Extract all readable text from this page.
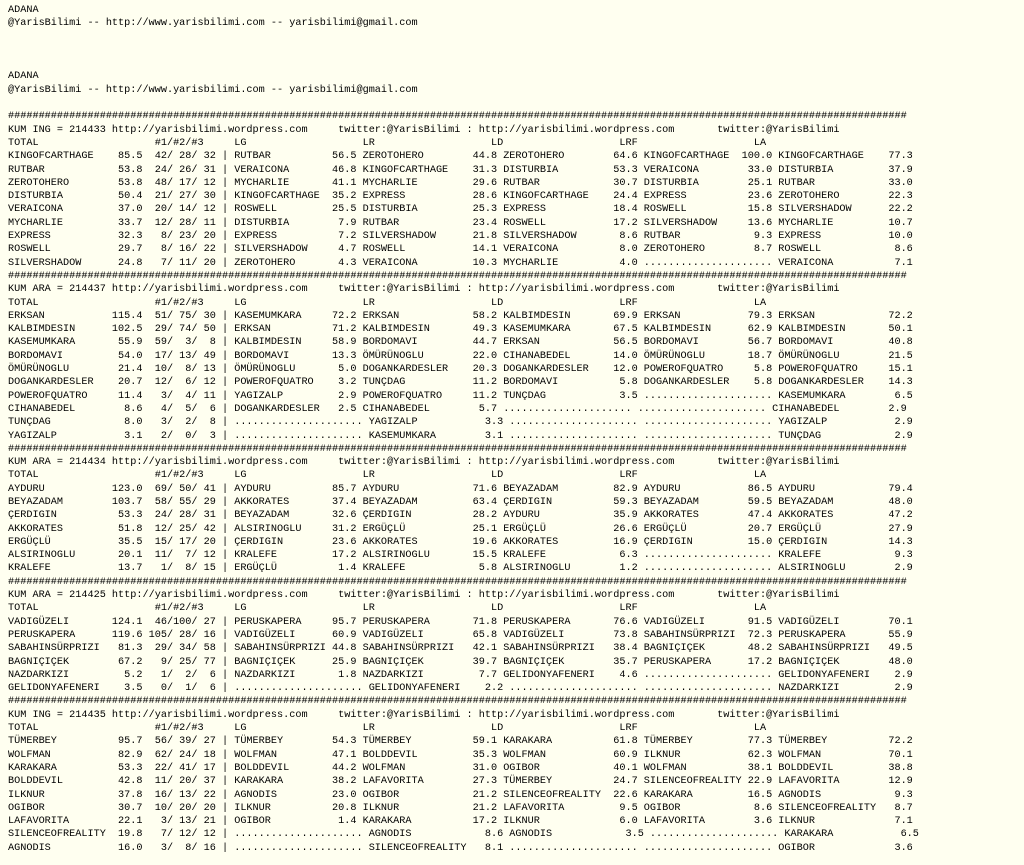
ADANA
@YarisBilimi -- http://www.yarisbilimi.com -- yarisbilimi@gmail.com
ADANA
@YarisBilimi -- http://www.yarisbilimi.com -- yarisbilimi@gmail.com
###################################################################################################################################################
KUM ING = 214433 http://yarisbilimi.wordpress.com     twitter:@YarisBilimi : http://yarisbilimi.wordpress.com       twitter:@YarisBilimi
TOTAL                   #1/#2/#3     LG                   LR                   LD                   LRF                   LA
KINGOFCARTHAGE    85.5  42/ 28/ 32 | RUTBAR          56.5 ZEROTOHERO        44.8 ZEROTOHERO        64.6 KINGOFCARTHAGE  100.0 KINGOFCARTHAGE    77.3
RUTBAR            53.8  24/ 26/ 31 | VERAICONA       46.8 KINGOFCARTHAGE    31.3 DISTURBIA         53.3 VERAICONA        33.0 DISTURBIA         37.9
ZEROTOHERO        53.8  48/ 17/ 12 | MYCHARLIE       41.1 MYCHARLIE         29.6 RUTBAR            30.7 DISTURBIA        25.1 RUTBAR            33.0
DISTURBIA         50.4  21/ 27/ 30 | KINGOFCARTHAGE  35.2 EXPRESS           28.6 KINGOFCARTHAGE    24.4 EXPRESS          23.6 ZEROTOHERO        22.3
VERAICONA         37.0  20/ 14/ 12 | ROSWELL         25.5 DISTURBIA         25.3 EXPRESS           18.4 ROSWELL          15.8 SILVERSHADOW      22.2
MYCHARLIE         33.7  12/ 28/ 11 | DISTURBIA        7.9 RUTBAR            23.4 ROSWELL           17.2 SILVERSHADOW     13.6 MYCHARLIE         10.7
EXPRESS           32.3   8/ 23/ 20 | EXPRESS          7.2 SILVERSHADOW      21.8 SILVERSHADOW       8.6 RUTBAR            9.3 EXPRESS           10.0
ROSWELL           29.7   8/ 16/ 22 | SILVERSHADOW     4.7 ROSWELL           14.1 VERAICONA          8.0 ZEROTOHERO        8.7 ROSWELL            8.6
SILVERSHADOW      24.8   7/ 11/ 20 | ZEROTOHERO       4.3 VERAICONA         10.3 MYCHARLIE          4.0 ..................... VERAICONA          7.1
###################################################################################################################################################
KUM ARA = 214437 http://yarisbilimi.wordpress.com     twitter:@YarisBilimi : http://yarisbilimi.wordpress.com       twitter:@YarisBilimi
TOTAL                   #1/#2/#3     LG                   LR                   LD                   LRF                   LA
ERKSAN           115.4  51/ 75/ 30 | KASEMUMKARA     72.2 ERKSAN            58.2 KALBIMDESIN       69.9 ERKSAN           79.3 ERKSAN            72.2
KALBIMDESIN      102.5  29/ 74/ 50 | ERKSAN          71.2 KALBIMDESIN       49.3 KASEMUMKARA       67.5 KALBIMDESIN      62.9 KALBIMDESIN       50.1
KASEMUMKARA       55.9  59/  3/  8 | KALBIMDESIN     58.9 BORDOMAVI         44.7 ERKSAN            56.5 BORDOMAVI        56.7 BORDOMAVI         40.8
BORDOMAVI         54.0  17/ 13/ 49 | BORDOMAVI       13.3 ÖMÜRÜNOGLU        22.0 CIHANABEDEL       14.0 ÖMÜRÜNOGLU       18.7 ÖMÜRÜNOGLU        21.5
ÖMÜRÜNOGLU        21.4  10/  8/ 13 | ÖMÜRÜNOGLU       5.0 DOGANKARDESLER    20.3 DOGANKARDESLER    12.0 POWEROFQUATRO     5.8 POWEROFQUATRO     15.1
DOGANKARDESLER    20.7  12/  6/ 12 | POWEROFQUATRO    3.2 TUNÇDAG           11.2 BORDOMAVI          5.8 DOGANKARDESLER    5.8 DOGANKARDESLER    14.3
POWEROFQUATRO     11.4   3/  4/ 11 | YAGIZALP         2.9 POWEROFQUATRO     11.2 TUNÇDAG            3.5 ..................... KASEMUMKARA        6.5
CIHANABEDEL        8.6   4/  5/  6 | DOGANKARDESLER   2.5 CIHANABEDEL        5.7 ..................... ..................... CIHANABEDEL        2.9
TUNÇDAG            8.0   3/  2/  8 | ..................... YAGIZALP           3.3 ..................... ..................... YAGIZALP           2.9
YAGIZALP           3.1   2/  0/  3 | ..................... KASEMUMKARA        3.1 ..................... ..................... TUNÇDAG            2.9
###################################################################################################################################################
KUM ARA = 214434 http://yarisbilimi.wordpress.com     twitter:@YarisBilimi : http://yarisbilimi.wordpress.com       twitter:@YarisBilimi
TOTAL                   #1/#2/#3     LG                   LR                   LD                   LRF                   LA
AYDURU           123.0  69/ 50/ 41 | AYDURU          85.7 AYDURU            71.6 BEYAZADAM         82.9 AYDURU           86.5 AYDURU            79.4
BEYAZADAM        103.7  58/ 55/ 29 | AKKORATES       37.4 BEYAZADAM         63.4 ÇERDIGIN          59.3 BEYAZADAM        59.5 BEYAZADAM         48.0
ÇERDIGIN          53.3  24/ 28/ 31 | BEYAZADAM       32.6 ÇERDIGIN          28.2 AYDURU            35.9 AKKORATES        47.4 AKKORATES         47.2
AKKORATES         51.8  12/ 25/ 42 | ALSIRINOGLU     31.2 ERGÜÇLÜ           25.1 ERGÜÇLÜ           26.6 ERGÜÇLÜ          20.7 ERGÜÇLÜ           27.9
ERGÜÇLÜ           35.5  15/ 17/ 20 | ÇERDIGIN        23.6 AKKORATES         19.6 AKKORATES         16.9 ÇERDIGIN         15.0 ÇERDIGIN          14.3
ALSIRINOGLU       20.1  11/  7/ 12 | KRALEFE         17.2 ALSIRINOGLU       15.5 KRALEFE            6.3 ..................... KRALEFE            9.3
KRALEFE           13.7   1/  8/ 15 | ERGÜÇLÜ          1.4 KRALEFE            5.8 ALSIRINOGLU        1.2 ..................... ALSIRINOGLU        2.9
###################################################################################################################################################
KUM ARA = 214425 http://yarisbilimi.wordpress.com     twitter:@YarisBilimi : http://yarisbilimi.wordpress.com       twitter:@YarisBilimi
TOTAL                   #1/#2/#3     LG                   LR                   LD                   LRF                   LA
VADIGÜZELI       124.1  46/100/ 27 | PERUSKAPERA     95.7 PERUSKAPERA       71.8 PERUSKAPERA       76.6 VADIGÜZELI       91.5 VADIGÜZELI        70.1
PERUSKAPERA      119.6 105/ 28/ 16 | VADIGÜZELI      60.9 VADIGÜZELI        65.8 VADIGÜZELI        73.8 SABAHINSÜRPRIZI  72.3 PERUSKAPERA       55.9
SABAHINSÜRPRIZI   81.3  29/ 34/ 58 | SABAHINSÜRPRIZI 44.8 SABAHINSÜRPRIZI   42.1 SABAHINSÜRPRIZI   38.4 BAGNIÇIÇEK       48.2 SABAHINSÜRPRIZI   49.5
BAGNIÇIÇEK        67.2   9/ 25/ 77 | BAGNIÇIÇEK      25.9 BAGNIÇIÇEK        39.7 BAGNIÇIÇEK        35.7 PERUSKAPERA      17.2 BAGNIÇIÇEK        48.0
NAZDARKIZI         5.2   1/  2/  6 | NAZDARKIZI       1.8 NAZDARKIZI         7.7 GELIDONYAFENERI    4.6 ..................... GELIDONYAFENERI    2.9
GELIDONYAFENERI    3.5   0/  1/  6 | ..................... GELIDONYAFENERI    2.2 ..................... ..................... NAZDARKIZI         2.9
###################################################################################################################################################
KUM ING = 214435 http://yarisbilimi.wordpress.com     twitter:@YarisBilimi : http://yarisbilimi.wordpress.com       twitter:@YarisBilimi
TOTAL                   #1/#2/#3     LG                   LR                   LD                   LRF                   LA
TÜMERBEY          95.7  56/ 39/ 27 | TÜMERBEY        54.3 TÜMERBEY          59.1 KARAKARA          61.8 TÜMERBEY         77.3 TÜMERBEY          72.2
WOLFMAN           82.9  62/ 24/ 18 | WOLFMAN         47.1 BOLDDEVIL         35.3 WOLFMAN           60.9 ILKNUR           62.3 WOLFMAN           70.1
KARAKARA          53.3  22/ 41/ 17 | BOLDDEVIL       44.2 WOLFMAN           31.0 OGIBOR            40.1 WOLFMAN          38.1 BOLDDEVIL         38.8
BOLDDEVIL         42.8  11/ 20/ 37 | KARAKARA        38.2 LAFAVORITA        27.3 TÜMERBEY          24.7 SILENCEOFREALITY 22.9 LAFAVORITA        12.9
ILKNUR            37.8  16/ 13/ 22 | AGNODIS         23.0 OGIBOR            21.2 SILENCEOFREALITY  22.6 KARAKARA         16.5 AGNODIS            9.3
OGIBOR            30.7  10/ 20/ 20 | ILKNUR          20.8 ILKNUR            21.2 LAFAVORITA         9.5 OGIBOR            8.6 SILENCEOFREALITY   8.7
LAFAVORITA        22.1   3/ 13/ 21 | OGIBOR           1.4 KARAKARA          17.2 ILKNUR             6.0 LAFAVORITA        3.6 ILKNUR             7.1
SILENCEOFREALITY  19.8   7/ 12/ 12 | ..................... AGNODIS            8.6 AGNODIS            3.5 ..................... KARAKARA           6.5
AGNODIS           16.0   3/  8/ 16 | ..................... SILENCEOFREALITY   8.1 ..................... ..................... OGIBOR             3.6
